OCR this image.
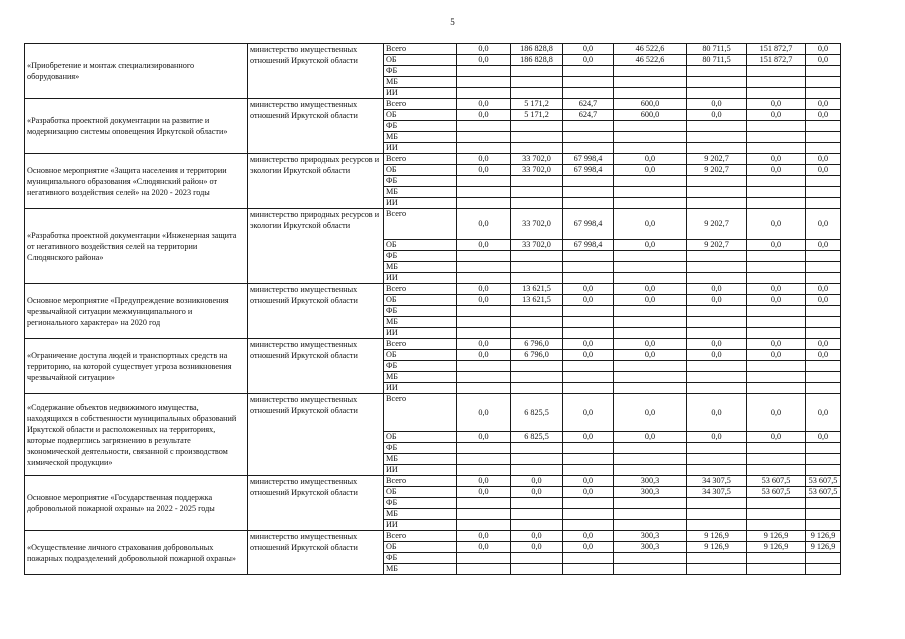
5
«Приобретение и монтаж специализированного оборудования»	министерство имущественных отношений Иркутской области	Всего	0,0	186 828,8	0,0	46 522,6	80 711,5	151 872,7	0,0
		ОБ	0,0	186 828,8	0,0	46 522,6	80 711,5	151 872,7	0,0
		ФБ							
		МБ							
		ИИ							
«Разработка проектной документации на развитие и модернизацию системы оповещения Иркутской области»	министерство имущественных отношений Иркутской области	Всего	0,0	5 171,2	624,7	600,0	0,0	0,0	0,0
		ОБ	0,0	5 171,2	624,7	600,0	0,0	0,0	0,0
		ФБ							
		МБ							
		ИИ							
Основное мероприятие «Защита населения и территории муниципального образования «Слюдянский район» от негативного воздействия селей» на 2020 - 2023 годы	министерство природных ресурсов и экологии Иркутской области	Всего	0,0	33 702,0	67 998,4	0,0	9 202,7	0,0	0,0
		ОБ	0,0	33 702,0	67 998,4	0,0	9 202,7	0,0	0,0
		ФБ							
		МБ							
		ИИ							
«Разработка проектной документации «Инженерная защита от негативного воздействия селей на территории Слюдянского района»	министерство природных ресурсов и экологии Иркутской области	Всего	0,0	33 702,0	67 998,4	0,0	9 202,7	0,0	0,0
		ОБ	0,0	33 702,0	67 998,4	0,0	9 202,7	0,0	0,0
		ФБ							
		МБ							
		ИИ							
Основное мероприятие «Предупреждение возникновения чрезвычайной ситуации межмуниципального и регионального характера» на 2020 год	министерство имущественных отношений Иркутской области	Всего	0,0	13 621,5	0,0	0,0	0,0	0,0	0,0
		ОБ	0,0	13 621,5	0,0	0,0	0,0	0,0	0,0
		ФБ							
		МБ							
		ИИ							
«Ограничение доступа людей и транспортных средств на территорию, на которой существует угроза возникновения чрезвычайной ситуации»	министерство имущественных отношений Иркутской области	Всего	0,0	6 796,0	0,0	0,0	0,0	0,0	0,0
		ОБ	0,0	6 796,0	0,0	0,0	0,0	0,0	0,0
		ФБ							
		МБ							
		ИИ							
«Содержание объектов недвижимого имущества, находящихся в собственности муниципальных образований Иркутской области и расположенных на территориях, которые подверглись загрязнению в результате экономической деятельности, связанной с производством химической продукции»	министерство имущественных отношений Иркутской области	Всего	0,0	6 825,5	0,0	0,0	0,0	0,0	0,0
		ОБ	0,0	6 825,5	0,0	0,0	0,0	0,0	0,0
		ФБ							
		МБ							
		ИИ							
Основное мероприятие «Государственная поддержка добровольной пожарной охраны» на 2022 - 2025 годы	министерство имущественных отношений Иркутской области	Всего	0,0	0,0	0,0	300,3	34 307,5	53 607,5	53 607,5
		ОБ	0,0	0,0	0,0	300,3	34 307,5	53 607,5	53 607,5
		ФБ							
		МБ							
		ИИ							
«Осуществление личного страхования добровольных пожарных подразделений добровольной пожарной охраны»	министерство имущественных отношений Иркутской области	Всего	0,0	0,0	0,0	300,3	9 126,9	9 126,9	9 126,9
		ОБ	0,0	0,0	0,0	300,3	9 126,9	9 126,9	9 126,9
		ФБ							
		МБ							
